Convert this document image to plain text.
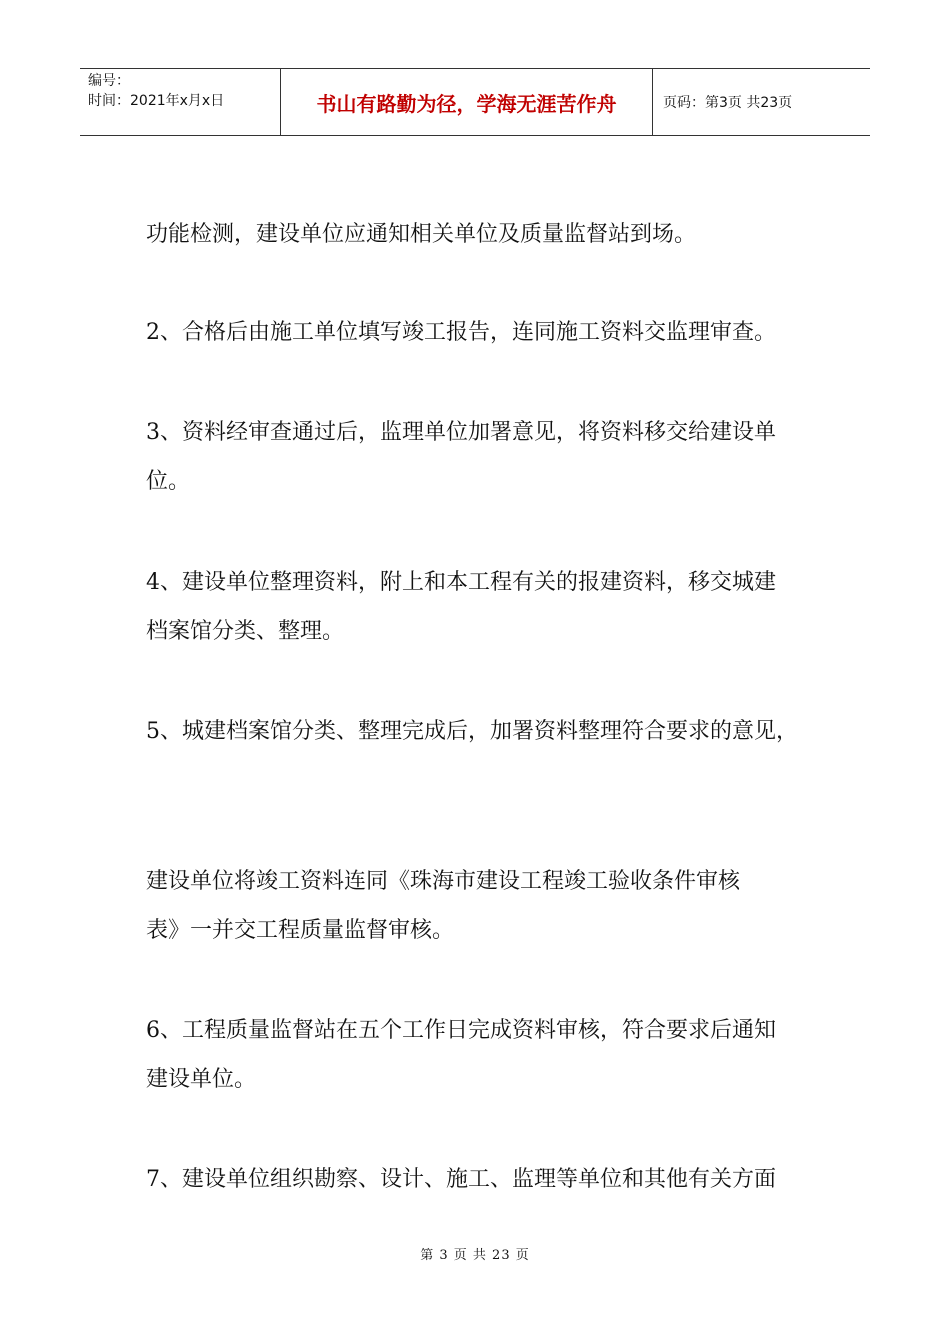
编号：
时间：2021年x月x日	书山有路勤为径，学海无涯苦作舟	页码：第3页 共23页
功能检测，建设单位应通知相关单位及质量监督站到场。
2、合格后由施工单位填写竣工报告，连同施工资料交监理审查。
3、资料经审查通过后，监理单位加署意见，将资料移交给建设单
位。
4、建设单位整理资料，附上和本工程有关的报建资料，移交城建
档案馆分类、整理。
5、城建档案馆分类、整理完成后，加署资料整理符合要求的意见，
建设单位将竣工资料连同《珠海市建设工程竣工验收条件审核
表》一并交工程质量监督审核。
6、工程质量监督站在五个工作日完成资料审核，符合要求后通知
建设单位。
7、建设单位组织勘察、设计、施工、监理等单位和其他有关方面
第 3 页 共 23 页
